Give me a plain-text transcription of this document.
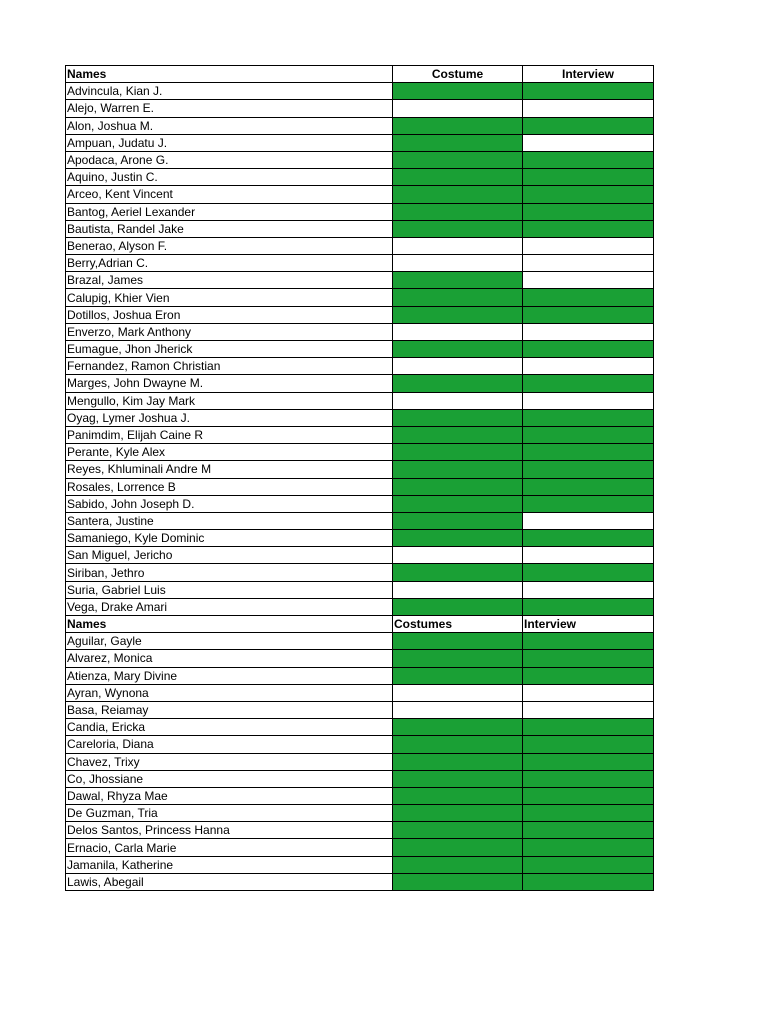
Names	Costume	Interview
Advincula, Kian J.		
Alejo, Warren E.		
Alon, Joshua M.		
Ampuan, Judatu J.		
Apodaca, Arone G.		
Aquino, Justin C.		
Arceo, Kent Vincent		
Bantog, Aeriel Lexander		
Bautista, Randel Jake		
Benerao, Alyson F.		
Berry,Adrian C.		
Brazal, James		
Calupig, Khier Vien		
Dotillos, Joshua Eron		
Enverzo, Mark Anthony		
Eumague, Jhon Jherick		
Fernandez, Ramon Christian		
Marges, John Dwayne M.		
Mengullo, Kim Jay Mark		
Oyag, Lymer Joshua J.		
Panimdim, Elijah Caine R		
Perante, Kyle Alex		
Reyes, Khluminali Andre M		
Rosales, Lorrence B		
Sabido, John Joseph D.		
Santera, Justine		
Samaniego, Kyle Dominic		
San Miguel, Jericho		
Siriban, Jethro		
Suria, Gabriel Luis		
Vega, Drake Amari		
Names	Costumes	Interview
Aguilar, Gayle		
Alvarez, Monica		
Atienza, Mary Divine		
Ayran, Wynona		
Basa, Reiamay		
Candia, Ericka		
Careloria, Diana		
Chavez, Trixy		
Co, Jhossiane		
Dawal, Rhyza Mae		
De Guzman, Tria		
Delos Santos, Princess Hanna		
Ernacio, Carla Marie		
Jamanila, Katherine		
Lawis, Abegail		
